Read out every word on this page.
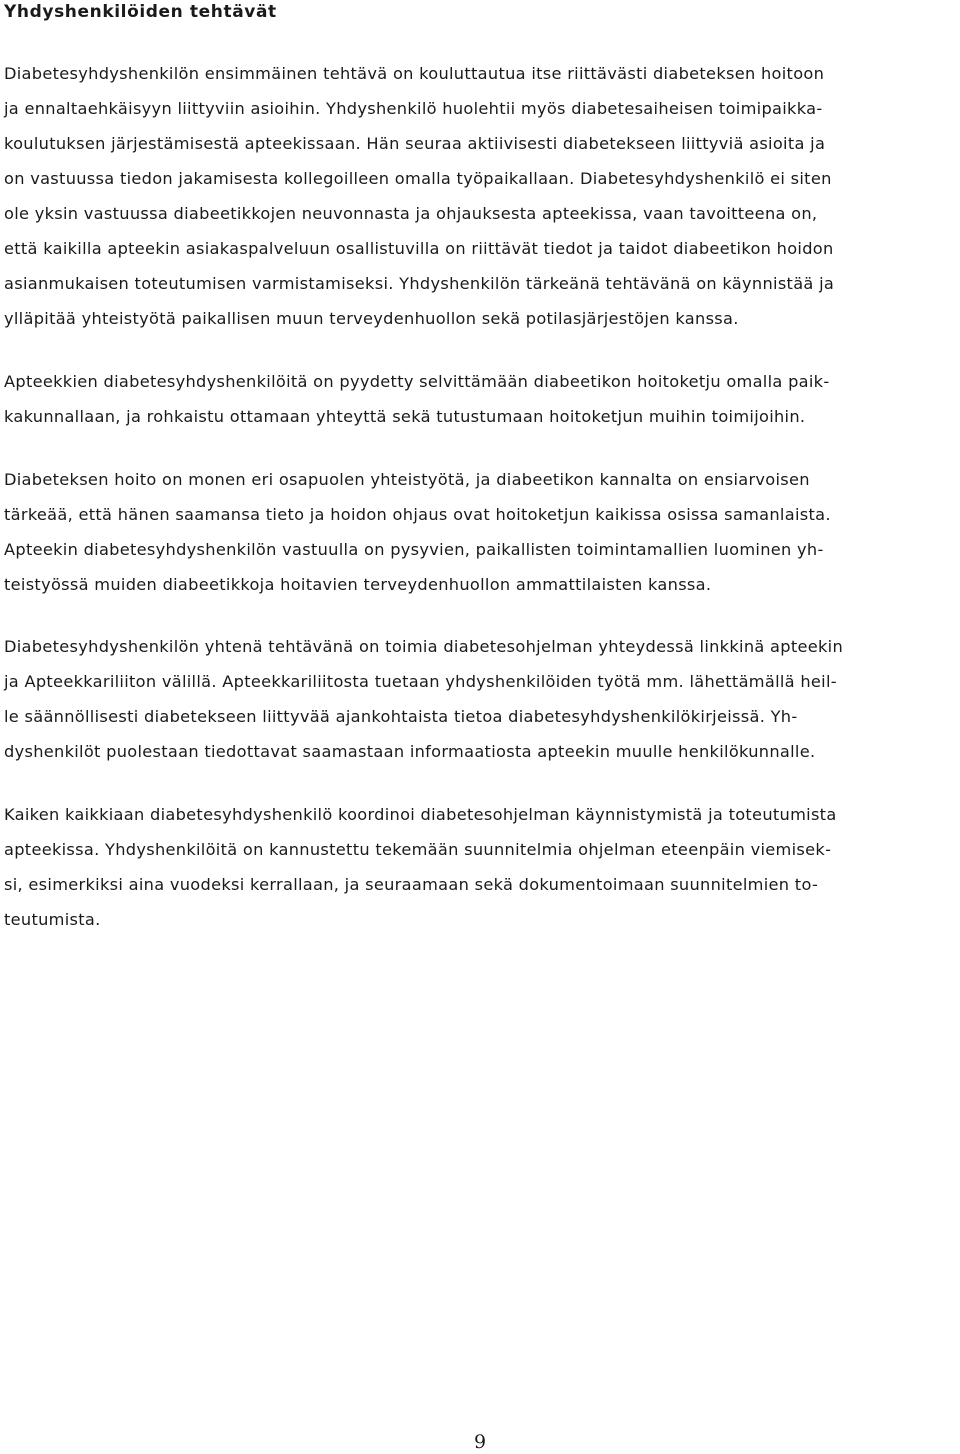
Yhdyshenkilöiden tehtävät

Diabetesyhdyshenkilön ensimmäinen tehtävä on kouluttautua itse riittävästi diabeteksen hoitoon
ja ennaltaehkäisyyn liittyviin asioihin. Yhdyshenkilö huolehtii myös diabetesaiheisen toimipaikka-
koulutuksen järjestämisestä apteekissaan. Hän seuraa aktiivisesti diabetekseen liittyviä asioita ja
on vastuussa tiedon jakamisesta kollegoilleen omalla työpaikallaan. Diabetesyhdyshenkilö ei siten
ole yksin vastuussa diabeetikkojen neuvonnasta ja ohjauksesta apteekissa, vaan tavoitteena on,
että kaikilla apteekin asiakaspalveluun osallistuvilla on riittävät tiedot ja taidot diabeetikon hoidon
asianmukaisen toteutumisen varmistamiseksi. Yhdyshenkilön tärkeänä tehtävänä on käynnistää ja
ylläpitää yhteistyötä paikallisen muun terveydenhuollon sekä potilasjärjestöjen kanssa.

Apteekkien diabetesyhdyshenkilöitä on pyydetty selvittämään diabeetikon hoitoketju omalla paik-
kakunnallaan, ja rohkaistu ottamaan yhteyttä sekä tutustumaan hoitoketjun muihin toimijoihin.

Diabeteksen hoito on monen eri osapuolen yhteistyötä, ja diabeetikon kannalta on ensiarvoisen
tärkeää, että hänen saamansa tieto ja hoidon ohjaus ovat hoitoketjun kaikissa osissa samanlaista.
Apteekin diabetesyhdyshenkilön vastuulla on pysyvien, paikallisten toimintamallien luominen yh-
teistyössä muiden diabeetikkoja hoitavien terveydenhuollon ammattilaisten kanssa.

Diabetesyhdyshenkilön yhtenä tehtävänä on toimia diabetesohjelman yhteydessä linkkinä apteekin
ja Apteekkariliiton välillä. Apteekkariliitosta tuetaan yhdyshenkilöiden työtä mm. lähettämällä heil-
le säännöllisesti diabetekseen liittyvää ajankohtaista tietoa diabetesyhdyshenkilökirjeissä. Yh-
dyshenkilöt puolestaan tiedottavat saamastaan informaatiosta apteekin muulle henkilökunnalle.

Kaiken kaikkiaan diabetesyhdyshenkilö koordinoi diabetesohjelman käynnistymistä ja toteutumista
apteekissa. Yhdyshenkilöitä on kannustettu tekemään suunnitelmia ohjelman eteenpäin viemisek-
si, esimerkiksi aina vuodeksi kerrallaan, ja seuraamaan sekä dokumentoimaan suunnitelmien to-
teutumista.

9
